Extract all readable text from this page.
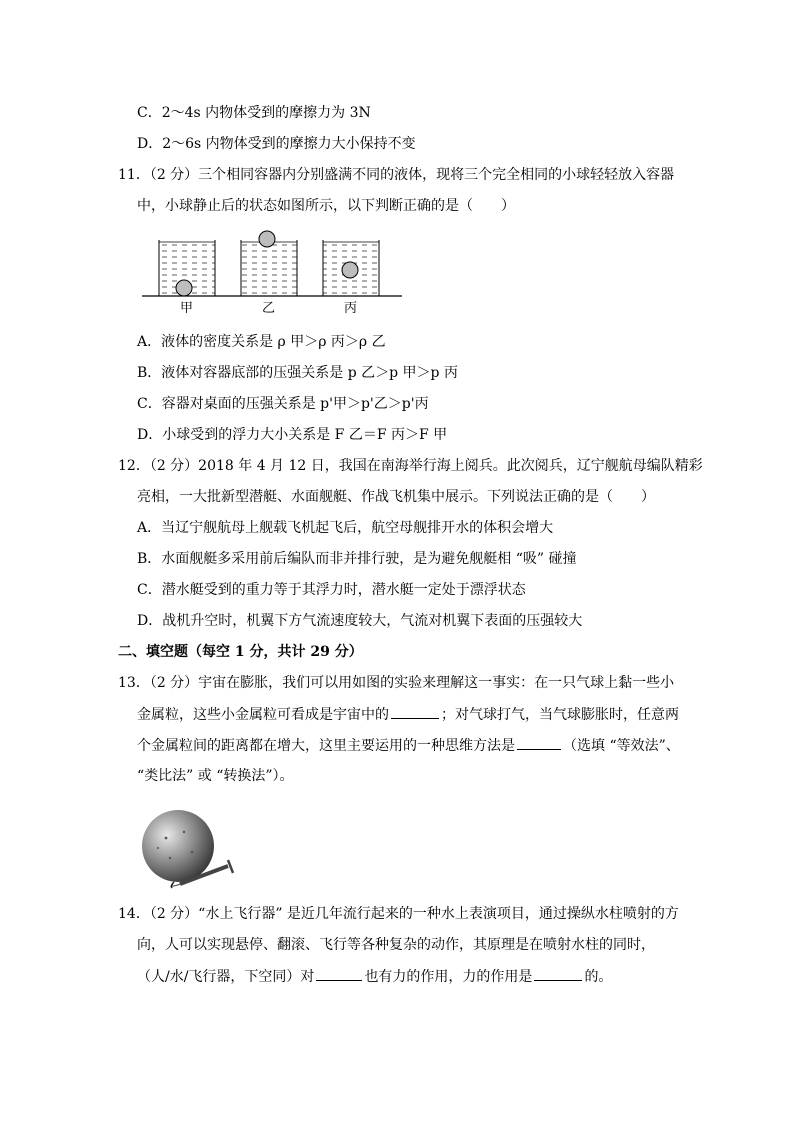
C．2～4s 内物体受到的摩擦力为 3N
D．2～6s 内物体受到的摩擦力大小保持不变
11．（2 分）三个相同容器内分别盛满不同的液体，现将三个完全相同的小球轻轻放入容器
中，小球静止后的状态如图所示，以下判断正确的是（　　）
甲	乙	丙
A．液体的密度关系是 ρ 甲＞ρ 丙＞ρ 乙
B．液体对容器底部的压强关系是 p 乙＞p 甲＞p 丙
C．容器对桌面的压强关系是 p'甲＞p'乙＞p'丙
D．小球受到的浮力大小关系是 F 乙＝F 丙＞F 甲
12．（2 分）2018 年 4 月 12 日，我国在南海举行海上阅兵。此次阅兵，辽宁舰航母编队精彩
亮相，一大批新型潜艇、水面舰艇、作战飞机集中展示。下列说法正确的是（　　）
A．当辽宁舰航母上舰载飞机起飞后，航空母舰排开水的体积会增大
B．水面舰艇多采用前后编队而非并排行驶，是为避免舰艇相 “吸” 碰撞
C．潜水艇受到的重力等于其浮力时，潜水艇一定处于漂浮状态
D．战机升空时，机翼下方气流速度较大，气流对机翼下表面的压强较大
二、填空题（每空 1 分，共计 29 分）
13．（2 分）宇宙在膨胀，我们可以用如图的实验来理解这一事实：在一只气球上黏一些小
金属粒，这些小金属粒可看成是宇宙中的	；对气球打气，当气球膨胀时，任意两
个金属粒间的距离都在增大，这里主要运用的一种思维方法是	（选填 “等效法”、
“类比法” 或 “转换法”）。
14．（2 分）“水上飞行器” 是近几年流行起来的一种水上表演项目，通过操纵水柱喷射的方
向，人可以实现悬停、翻滚、飞行等各种复杂的动作，其原理是在喷射水柱的同时，
（人/水/飞行器，下空同）对	也有力的作用，力的作用是	的。
